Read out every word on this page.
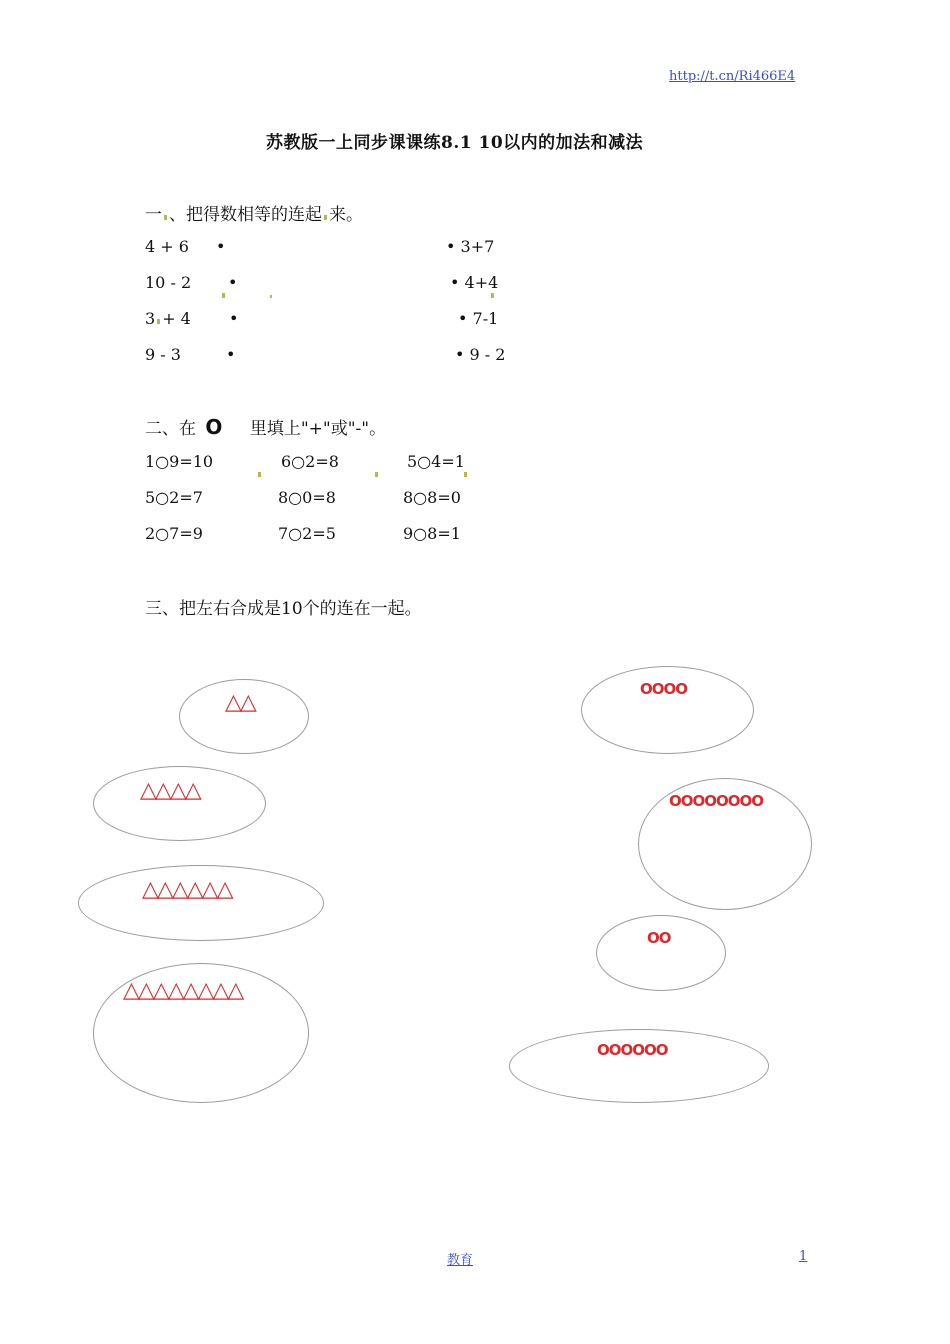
http://t.cn/Ri466E4
苏教版一上同步课课练8.1 10以内的加法和减法
一 、把得数相等的连起 来。
4 + 6 •	• 3+7
10 - 2 •	• 4+4
3 + 4 •	• 7-1
9 - 3	•	• 9 - 2
二、在 O 里填上"+"或"-"。
1○9=10	6○2=8	5○4=1
5○2=7	8○0=8	8○8=0
2○7=9	7○2=5	9○8=1
三、把左右合成是10个的连在一起。
△△
△△△△
△△△△△△
△△△△△△△△
OOOO
OOOOOOOO
OO
OOOOOO
教育	1
